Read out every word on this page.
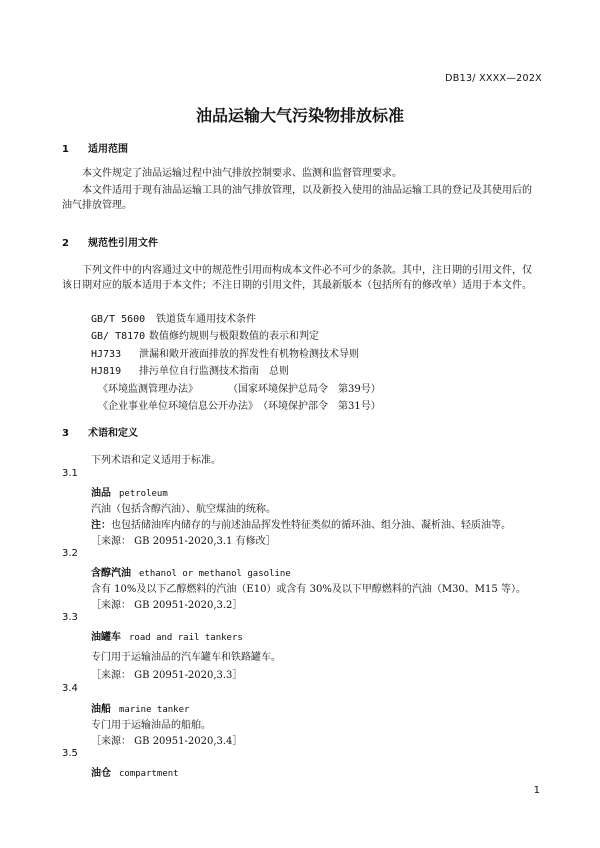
DB13/ XXXX—202X
油品运输大气污染物排放标准
1 适用范围
本文件规定了油品运输过程中油气排放控制要求、监测和监督管理要求。
本文件适用于现有油品运输工具的油气排放管理，以及新投入使用的油品运输工具的登记及其使用后的油气排放管理。
2 规范性引用文件
下列文件中的内容通过文中的规范性引用而构成本文件必不可少的条款。其中，注日期的引用文件，仅该日期对应的版本适用于本文件；不注日期的引用文件，其最新版本（包括所有的修改单）适用于本文件。
GB/T 5600 铁道货车通用技术条件
GB/ T8170 数值修约规则与极限数值的表示和判定
HJ733 泄漏和敞开液面排放的挥发性有机物检测技术导则
HJ819 排污单位自行监测技术指南　总则
《环境监测管理办法》	（国家环境保护总局令　第39号）
《企业事业单位环境信息公开办法》（环境保护部令　第31号）
3 术语和定义
下列术语和定义适用于标准。
3.1
油品 petroleum
汽油（包括含醇汽油）、航空煤油的统称。
注：也包括储油库内储存的与前述油品挥发性特征类似的循环油、组分油、凝析油、轻质油等。
［来源： GB 20951-2020,3.1 有修改］
3.2
含醇汽油 ethanol or methanol gasoline
含有 10%及以下乙醇燃料的汽油（E10）或含有 30%及以下甲醇燃料的汽油（M30、M15 等）。
［来源： GB 20951-2020,3.2］
3.3
油罐车 road and rail tankers
专门用于运输油品的汽车罐车和铁路罐车。
［来源： GB 20951-2020,3.3］
3.4
油船 marine tanker
专门用于运输油品的船舶。
［来源： GB 20951-2020,3.4］
3.5
油仓 compartment
1
